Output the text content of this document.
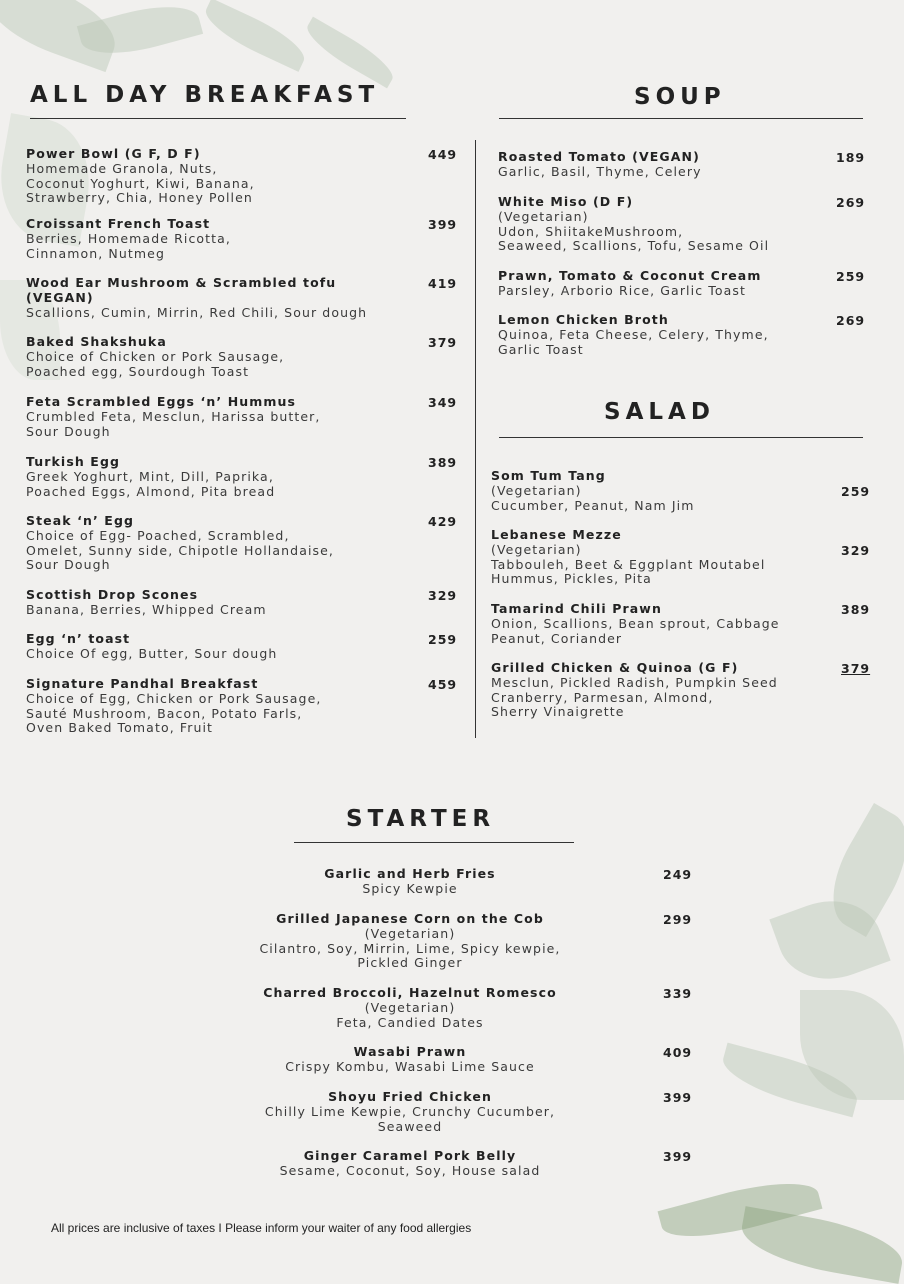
ALL DAY BREAKFAST	SOUP
SALAD
STARTER
Power Bowl (G F, D F)
Homemade Granola, Nuts,
Coconut Yoghurt, Kiwi, Banana,
Strawberry, Chia, Honey Pollen
449
Croissant French Toast
Berries, Homemade Ricotta,
Cinnamon, Nutmeg
399
Wood Ear Mushroom & Scrambled tofu
(VEGAN)
Scallions, Cumin, Mirrin, Red Chili, Sour dough
419
Baked Shakshuka
Choice of Chicken or Pork Sausage,
Poached egg, Sourdough Toast
379
Feta Scrambled Eggs ‘n’ Hummus
Crumbled Feta, Mesclun, Harissa butter,
Sour Dough
349
Turkish Egg
Greek Yoghurt, Mint, Dill, Paprika,
Poached Eggs, Almond, Pita bread
389
Steak ‘n’ Egg
Choice of Egg- Poached, Scrambled,
Omelet, Sunny side, Chipotle Hollandaise,
Sour Dough
429
Scottish Drop Scones
Banana, Berries, Whipped Cream
329
Egg ‘n’ toast
Choice Of egg, Butter, Sour dough
259
Signature Pandhal Breakfast
Choice of Egg, Chicken or Pork Sausage,
Sauté Mushroom, Bacon, Potato Farls,
Oven Baked Tomato, Fruit
459
Roasted Tomato (VEGAN)
Garlic, Basil, Thyme, Celery
189
White Miso (D F)
(Vegetarian)
Udon, ShiitakeMushroom,
Seaweed, Scallions, Tofu, Sesame Oil
269
Prawn, Tomato & Coconut Cream
Parsley, Arborio Rice, Garlic Toast
259
Lemon Chicken Broth
Quinoa, Feta Cheese, Celery, Thyme,
Garlic Toast
269
Som Tum Tang
(Vegetarian)
Cucumber, Peanut, Nam Jim
259
Lebanese Mezze
(Vegetarian)
Tabbouleh, Beet & Eggplant Moutabel
Hummus, Pickles, Pita
329
Tamarind Chili Prawn
Onion, Scallions, Bean sprout, Cabbage
Peanut, Coriander
389
Grilled Chicken & Quinoa (G F)
Mesclun, Pickled Radish, Pumpkin Seed
Cranberry, Parmesan, Almond,
Sherry Vinaigrette
379
Garlic and Herb Fries
Spicy Kewpie
249
Grilled Japanese Corn on the Cob
(Vegetarian)
Cilantro, Soy, Mirrin, Lime, Spicy kewpie,
Pickled Ginger
299
Charred Broccoli, Hazelnut Romesco
(Vegetarian)
Feta, Candied Dates
339
Wasabi Prawn
Crispy Kombu, Wasabi Lime Sauce
409
Shoyu Fried Chicken
Chilly Lime Kewpie, Crunchy Cucumber,
Seaweed
399
Ginger Caramel Pork Belly
Sesame, Coconut, Soy, House salad
399
All prices are inclusive of taxes I Please inform your waiter of any food allergies
